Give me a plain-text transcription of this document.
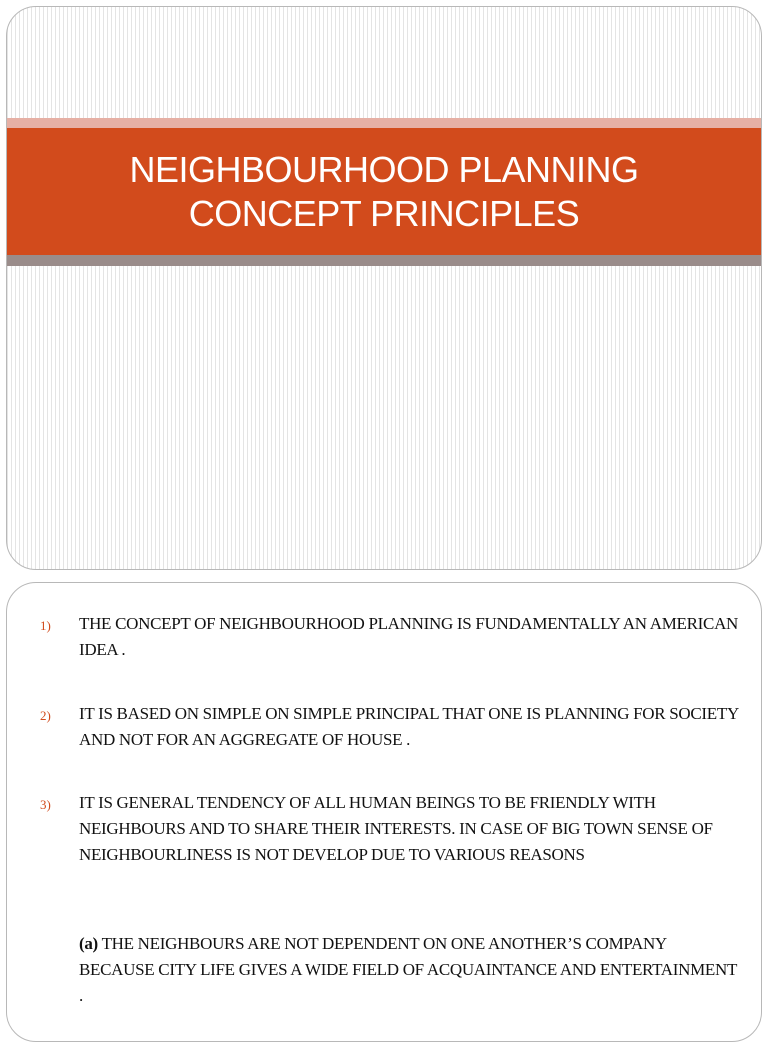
NEIGHBOURHOOD PLANNING
CONCEPT PRINCIPLES
1) THE CONCEPT OF NEIGHBOURHOOD PLANNING IS FUNDAMENTALLY AN AMERICAN IDEA .
2) IT IS BASED ON SIMPLE ON SIMPLE PRINCIPAL THAT ONE IS PLANNING FOR SOCIETY AND NOT FOR AN AGGREGATE OF HOUSE .
3) IT IS GENERAL TENDENCY OF ALL HUMAN BEINGS TO BE FRIENDLY WITH NEIGHBOURS AND TO SHARE THEIR INTERESTS. IN CASE OF BIG TOWN SENSE OF NEIGHBOURLINESS IS NOT DEVELOP DUE TO VARIOUS REASONS
(a) THE NEIGHBOURS ARE NOT DEPENDENT ON ONE ANOTHER’S COMPANY BECAUSE CITY LIFE GIVES A WIDE FIELD OF ACQUAINTANCE AND ENTERTAINMENT .
